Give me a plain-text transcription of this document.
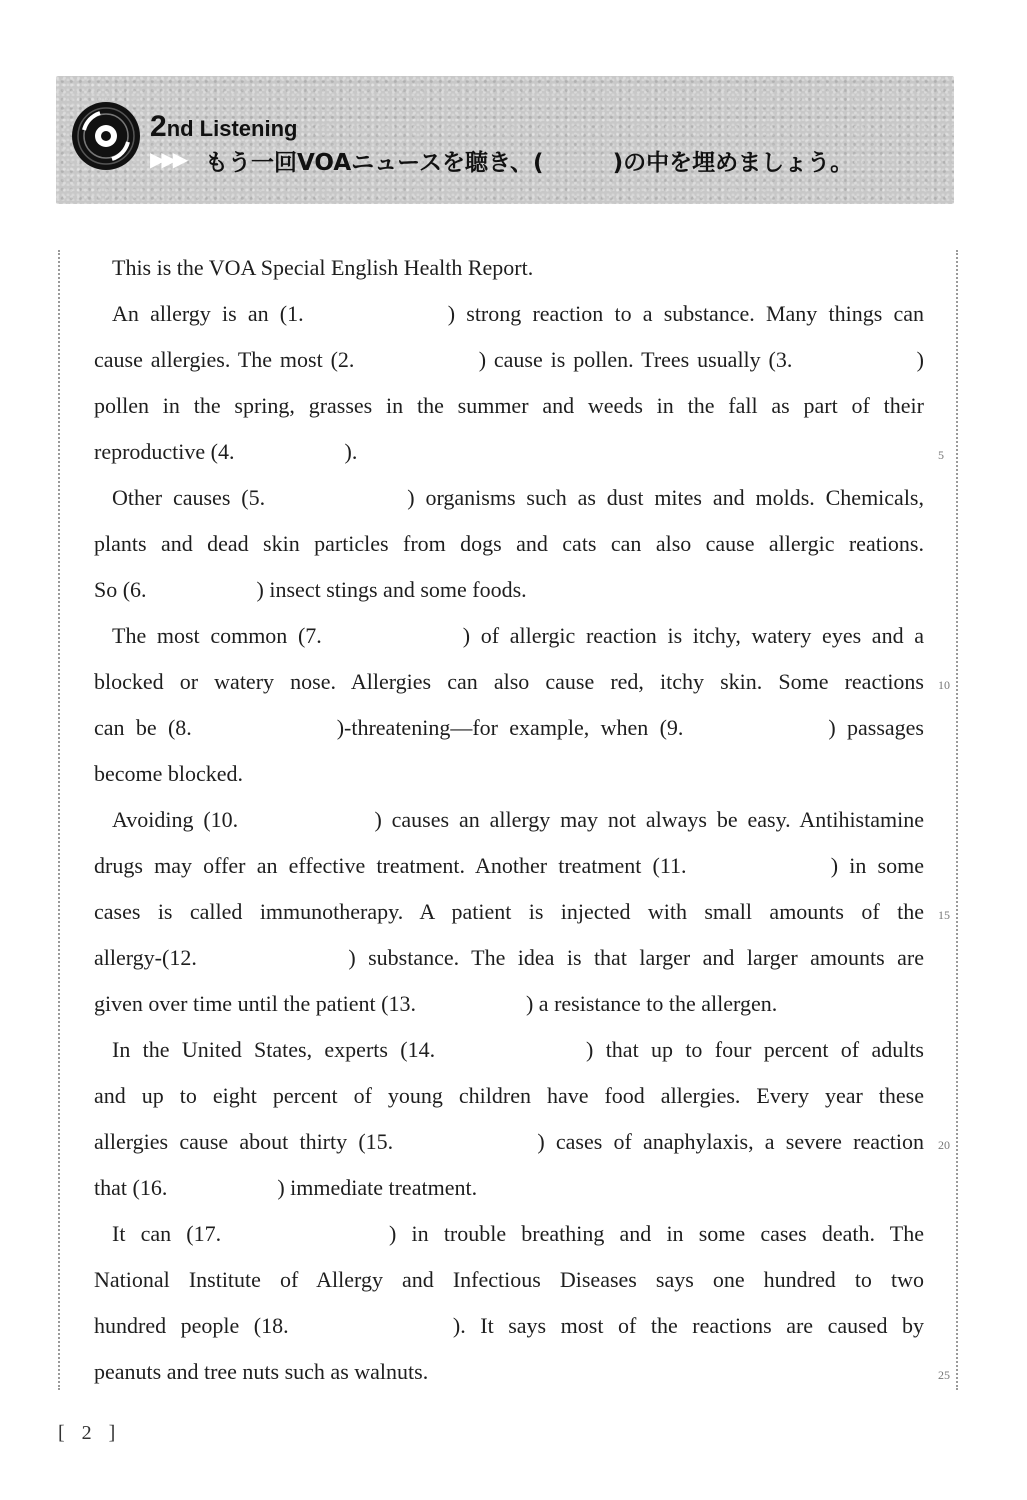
2nd Listening
▶▶▶ もう一回VOAニュースを聴き、(　　　)の中を埋めましょう。
This is the VOA Special English Health Report.
An allergy is an (1.　　　　　) strong reaction to a substance. Many things can
cause allergies. The most (2.　　　　　) cause is pollen. Trees usually (3.　　　　　)
pollen in the spring, grasses in the summer and weeds in the fall as part of their
reproductive (4.　　　　　).
Other causes (5.　　　　　) organisms such as dust mites and molds. Chemicals,
plants and dead skin particles from dogs and cats can also cause allergic reations.
So (6.　　　　　) insect stings and some foods.
The most common (7.　　　　　) of allergic reaction is itchy, watery eyes and a
blocked or watery nose. Allergies can also cause red, itchy skin. Some reactions
can be (8.　　　　　)-threatening—for example, when (9.　　　　　) passages
become blocked.
Avoiding (10.　　　　　) causes an allergy may not always be easy. Antihistamine
drugs may offer an effective treatment. Another treatment (11.　　　　　) in some
cases is called immunotherapy. A patient is injected with small amounts of the
allergy-(12.　　　　　) substance. The idea is that larger and larger amounts are
given over time until the patient (13.　　　　　) a resistance to the allergen.
In the United States, experts (14.　　　　　) that up to four percent of adults
and up to eight percent of young children have food allergies. Every year these
allergies cause about thirty (15.　　　　　) cases of anaphylaxis, a severe reaction
that (16.　　　　　) immediate treatment.
It can (17.　　　　　) in trouble breathing and in some cases death. The
National Institute of Allergy and Infectious Diseases says one hundred to two
hundred people (18.　　　　　). It says most of the reactions are caused by
peanuts and tree nuts such as walnuts.
5
10
15
20
25
[ 2 ]
